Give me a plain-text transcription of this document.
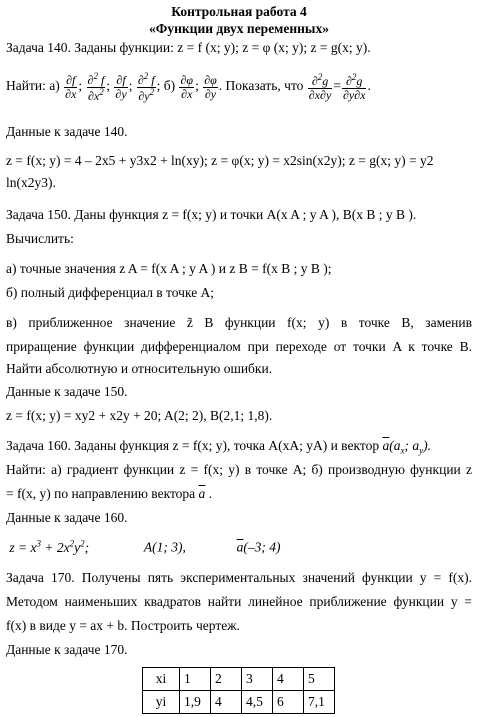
Контрольная работа 4
«Функции двух переменных»
Задача 140. Заданы функции: z = f (x; y); z = φ (x; y); z = g(x; y).
Найти: $а) \frac{\partial f}{\partial x}$ ; $\frac{\partial^2 f}{\partial x^2}$ ; $\frac{\partial f}{\partial y}$ ; $\frac{\partial^2 f}{\partial y^2}$ ; $б) \frac{\partial\varphi}{\partial x}$ ; $\frac{\partial\varphi}{\partial y}$ . Показать, что $\frac{\partial^2g}{\partial x\partial y} = \frac{\partial^2g}{\partial y\partial x}$ .
Данные к задаче 140.
z = f(x; y) = 4 – 2x5 + y3x2 + ln(xy); z = φ(x; y) = x2sin(x2y); z = g(x; y) = y2
ln(x2y3).
Задача 150. Даны функция z = f(x; y) и точки A(x A ; y A ), B(x B ; y B ).
Вычислить:
а) точные значения z A = f(x A ; y A ) и z B = f(x B ; y B );
б) полный дифференциал в точке A;
в) приближенное значение z̃ B функции f(x; y) в точке B, заменив
приращение функции дифференциалом при переходе от точки A к точке B.
Найти абсолютную и относительную ошибки.
Данные к задаче 150.
z = f(x; y) = xy2 + x2y + 20; A(2; 2), B(2,1; 1,8).
Задача 160. Заданы функция z = f(x; y), точка A(xA; yA) и вектор $\overline{a}(a_x$; $a_y$).
Найти: а) градиент функции z = f(x; y) в точке A; б) производную функции z
= f(x, y) по направлению вектора $\overline{a}$ .
Данные к задаче 160.
$z = x^3 + 2x^2y^2$;	A(1; 3),	$\overline{a}(-3$; 4)
Задача 170. Получены пять экспериментальных значений функции y = f(x).
Методом наименьших квадратов найти линейное приближение функции y =
f(x) в виде y = ax + b. Построить чертеж.
Данные к задаче 170.
xi	1	2	3	4	5
yi	1,9	4	4,5	6	7,1
